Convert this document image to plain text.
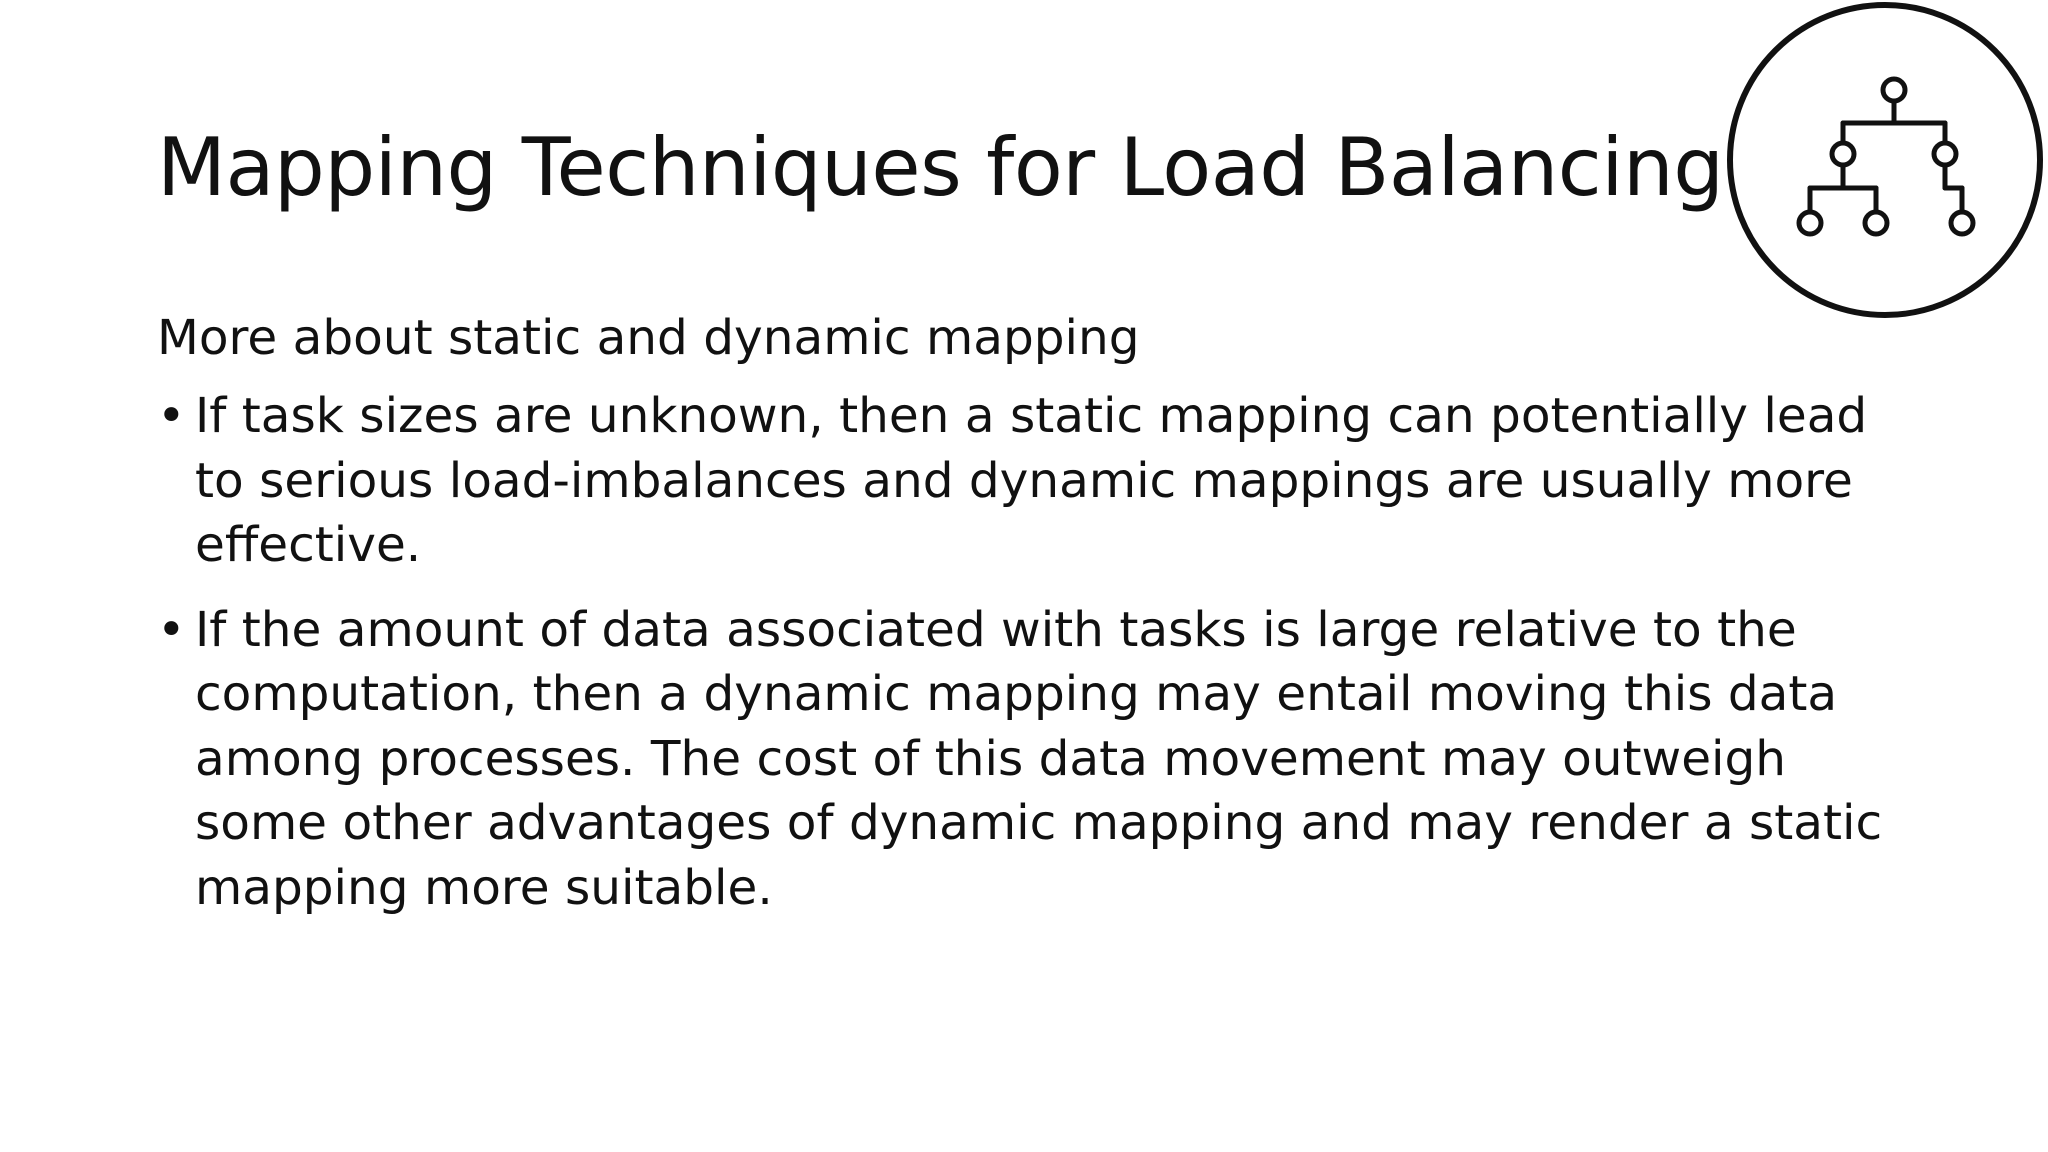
Mapping Techniques for Load Balancing

More about static and dynamic mapping

• If task sizes are unknown, then a static mapping can potentially lead
to serious load-imbalances and dynamic mappings are usually more
effective.
• If the amount of data associated with tasks is large relative to the
computation, then a dynamic mapping may entail moving this data
among processes. The cost of this data movement may outweigh
some other advantages of dynamic mapping and may render a static
mapping more suitable.
